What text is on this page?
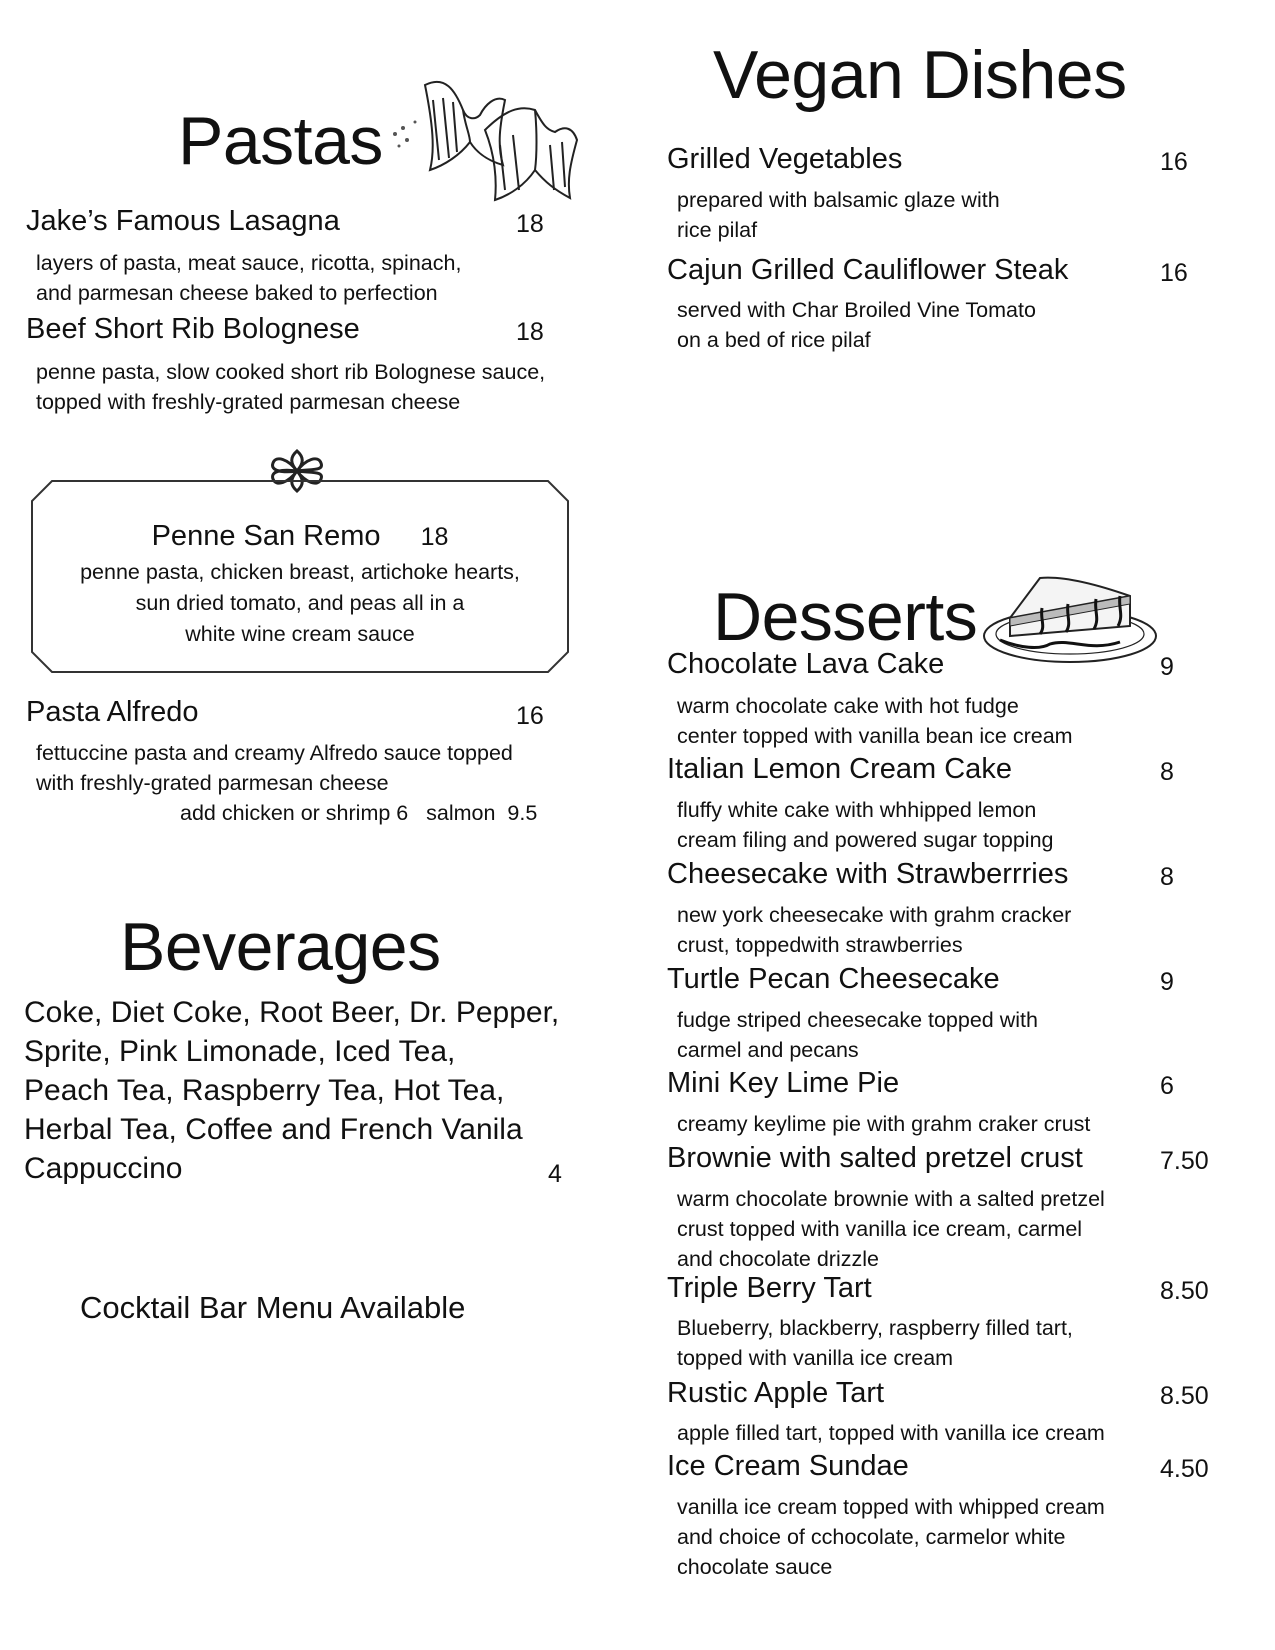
Pastas
Jake’s Famous Lasagna	18
layers of pasta, meat sauce, ricotta, spinach,
and parmesan cheese baked to perfection
Beef Short Rib Bolognese	18
penne pasta, slow cooked short rib Bolognese sauce,
topped with freshly-grated parmesan cheese
Penne San Remo 18
penne pasta, chicken breast, artichoke hearts,
sun dried tomato, and peas all in a
white wine cream sauce
Pasta Alfredo	16
fettuccine pasta and creamy Alfredo sauce topped
with freshly-grated parmesan cheese
add chicken or shrimp 6   salmon  9.5
Beverages
Coke, Diet Coke, Root Beer, Dr. Pepper,
Sprite, Pink Limonade, Iced Tea,
Peach Tea, Raspberry Tea, Hot Tea,
Herbal Tea, Coffee and French Vanila
Cappuccino	4
Cocktail Bar Menu Available
Vegan Dishes
Grilled Vegetables	16
prepared with balsamic glaze with
rice pilaf
Cajun Grilled Cauliflower Steak	16
served with Char Broiled Vine Tomato
on a bed of rice pilaf
Desserts
Chocolate Lava Cake	9
warm chocolate cake with hot fudge
center topped with vanilla bean ice cream
Italian Lemon Cream Cake	8
fluffy white cake with whhipped lemon
cream filing and powered sugar topping
Cheesecake with Strawberrries	8
new york cheesecake with grahm cracker
crust, toppedwith strawberries
Turtle Pecan Cheesecake	9
fudge striped cheesecake topped with
carmel and pecans
Mini Key Lime Pie	6
creamy keylime pie with grahm craker crust
Brownie with salted pretzel crust	7.50
warm chocolate brownie with a salted pretzel
crust topped with vanilla ice cream, carmel
and chocolate drizzle
Triple Berry Tart	8.50
Blueberry, blackberry, raspberry filled tart,
topped with vanilla ice cream
Rustic Apple Tart	8.50
apple filled tart, topped with vanilla ice cream
Ice Cream Sundae	4.50
vanilla ice cream topped with whipped cream
and choice of cchocolate, carmelor white
chocolate sauce
